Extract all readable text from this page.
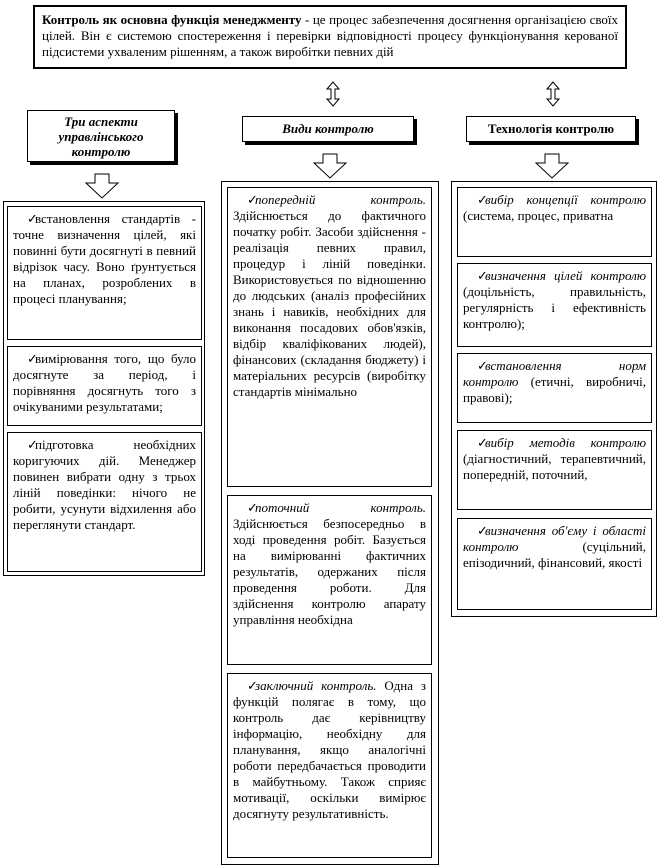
Контроль як основна функція менеджменту - це процес забезпечення досягнення організацією своїх цілей. Він є системою спостереження і перевірки відповідності процесу функціонування керованої підсистеми ухваленим рішенням, а також виробітки певних дій
Три аспекти управлінського контролю
Види контролю	Технологія контролю
✓встановлення стандартів - точне визначення цілей, які повинні бути досягнуті в певний відрізок часу. Воно ґрунтується на планах, розроблених в процесі планування;
✓вимірювання того, що було досягнуте за період, і порівняння досягнуть того з очікуваними результатами;
✓підготовка необхідних коригуючих дій. Менеджер повинен вибрати одну з трьох ліній поведінки: нічого не робити, усунути відхилення або переглянути стандарт.
✓попередній контроль. Здійснюється до фактичного початку робіт. Засоби здійснення - реалізація певних правил, процедур і ліній поведінки. Використовується по відношенню до людських (аналіз професійних знань і навиків, необхідних для виконання посадових обов'язків, відбір кваліфікованих людей), фінансових (складання бюджету) і матеріальних ресурсів (виробітку стандартів мінімально
✓поточний контроль. Здійснюється безпосередньо в ході проведення робіт. Базується на вимірюванні фактичних результатів, одержаних після проведення роботи. Для здійснення контролю апарату управління необхідна
✓заключний контроль. Одна з функцій полягає в тому, що контроль дає керівництву інформацію, необхідну для планування, якщо аналогічні роботи передбачається проводити в майбутньому. Також сприяє мотивації, оскільки вимірює досягнуту результативність.
✓вибір концепції контролю (система, процес, приватна
✓визначення цілей контролю (доцільність, правильність, регулярність і ефективність контролю);
✓встановлення норм контролю (етичні, виробничі, правові);
✓вибір методів контролю (діагностичний, терапевтичний, попередній, поточний,
✓визначення об'єму і області контролю (суцільний, епізодичний, фінансовий, якості
